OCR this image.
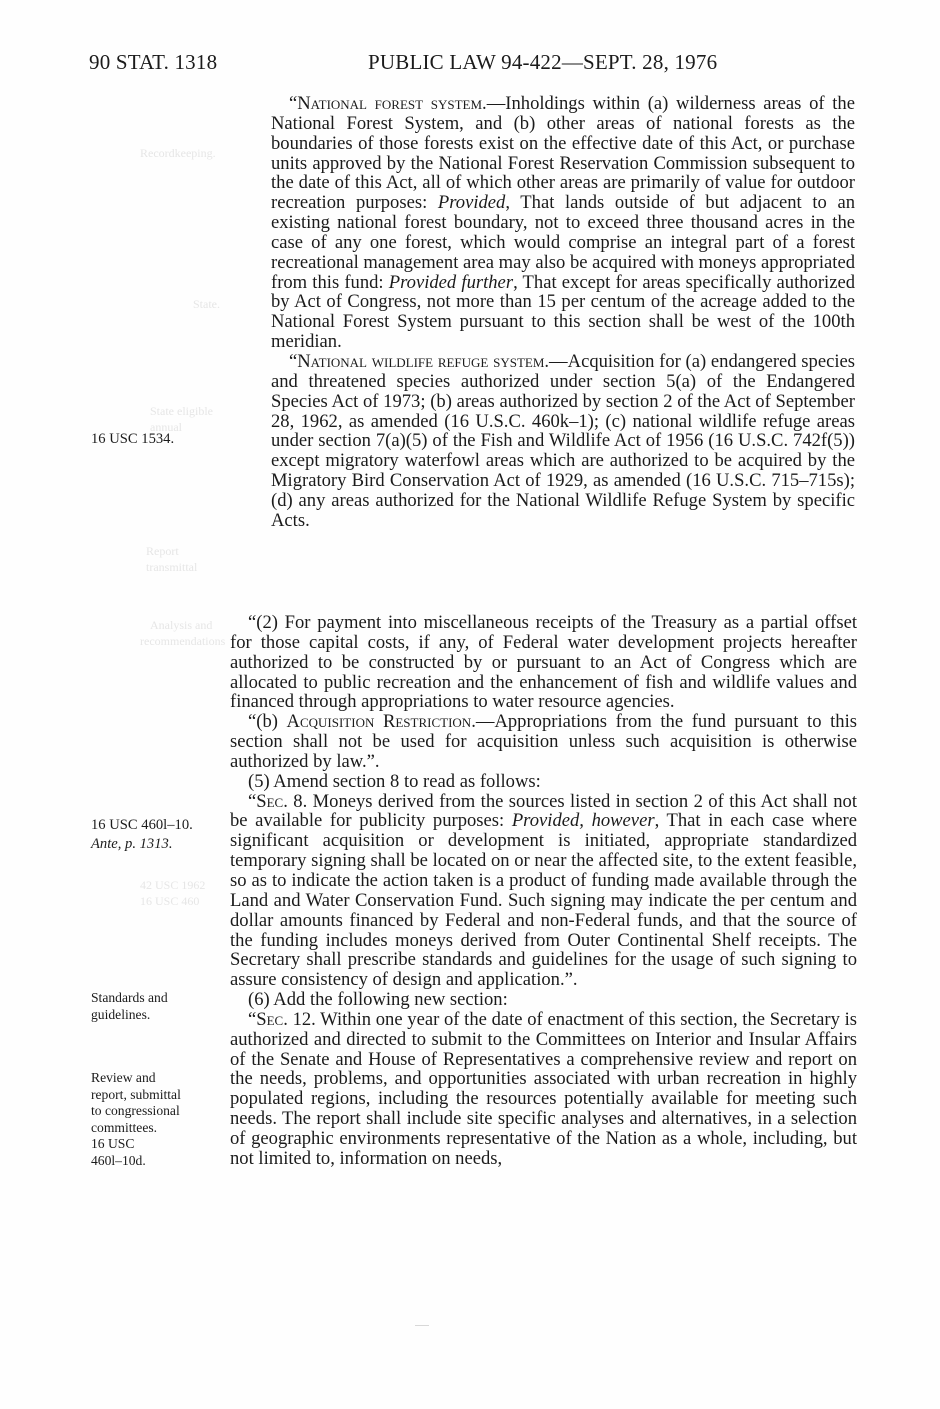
90 STAT. 1318	PUBLIC LAW 94-422—SEPT. 28, 1976
Recordkeeping.
State.
State eligible
annual
Report
transmittal
Analysis and
recommendations
42 USC 1962
16 USC 460
16 USC 1534.
16 USC 460l–10.
Ante, p. 1313.
Standards and
guidelines.
Review and
report, submittal
to congressional
committees.
16 USC
460l–10d.

“National forest system.—Inholdings within (a) wilderness areas of the National Forest System, and (b) other areas of national forests as the boundaries of those forests exist on the effective date of this Act, or purchase units approved by the National Forest Reservation Commission subsequent to the date of this Act, all of which other areas are primarily of value for outdoor recreation purposes: Provided, That lands outside of but adjacent to an existing national forest boundary, not to exceed three thousand acres in the case of any one forest, which would comprise an integral part of a forest recreational management area may also be acquired with moneys appropriated from this fund: Provided further, That except for areas specifically authorized by Act of Congress, not more than 15 per centum of the acreage added to the National Forest System pursuant to this section shall be west of the 100th meridian.

“National wildlife refuge system.—Acquisition for (a) endangered species and threatened species authorized under section 5(a) of the Endangered Species Act of 1973; (b) areas authorized by section 2 of the Act of September 28, 1962, as amended (16 U.S.C. 460k–1); (c) national wildlife refuge areas under section 7(a)(5) of the Fish and Wildlife Act of 1956 (16 U.S.C. 742f(5)) except migratory waterfowl areas which are authorized to be acquired by the Migratory Bird Conservation Act of 1929, as amended (16 U.S.C. 715–715s); (d) any areas authorized for the National Wildlife Refuge System by specific Acts.

“(2) For payment into miscellaneous receipts of the Treasury as a partial offset for those capital costs, if any, of Federal water development projects hereafter authorized to be constructed by or pursuant to an Act of Congress which are allocated to public recreation and the enhancement of fish and wildlife values and financed through appropriations to water resource agencies.

“(b) Acquisition Restriction.—Appropriations from the fund pursuant to this section shall not be used for acquisition unless such acquisition is otherwise authorized by law.”.

(5) Amend section 8 to read as follows:

“Sec. 8. Moneys derived from the sources listed in section 2 of this Act shall not be available for publicity purposes: Provided, however, That in each case where significant acquisition or development is initiated, appropriate standardized temporary signing shall be located on or near the affected site, to the extent feasible, so as to indicate the action taken is a product of funding made available through the Land and Water Conservation Fund. Such signing may indicate the per centum and dollar amounts financed by Federal and non-Federal funds, and that the source of the funding includes moneys derived from Outer Continental Shelf receipts. The Secretary shall prescribe standards and guidelines for the usage of such signing to assure consistency of design and application.”.

(6) Add the following new section:

“Sec. 12. Within one year of the date of enactment of this section, the Secretary is authorized and directed to submit to the Committees on Interior and Insular Affairs of the Senate and House of Representatives a comprehensive review and report on the needs, problems, and opportunities associated with urban recreation in highly populated regions, including the resources potentially available for meeting such needs. The report shall include site specific analyses and alternatives, in a selection of geographic environments representative of the Nation as a whole, including, but not limited to, information on needs,
